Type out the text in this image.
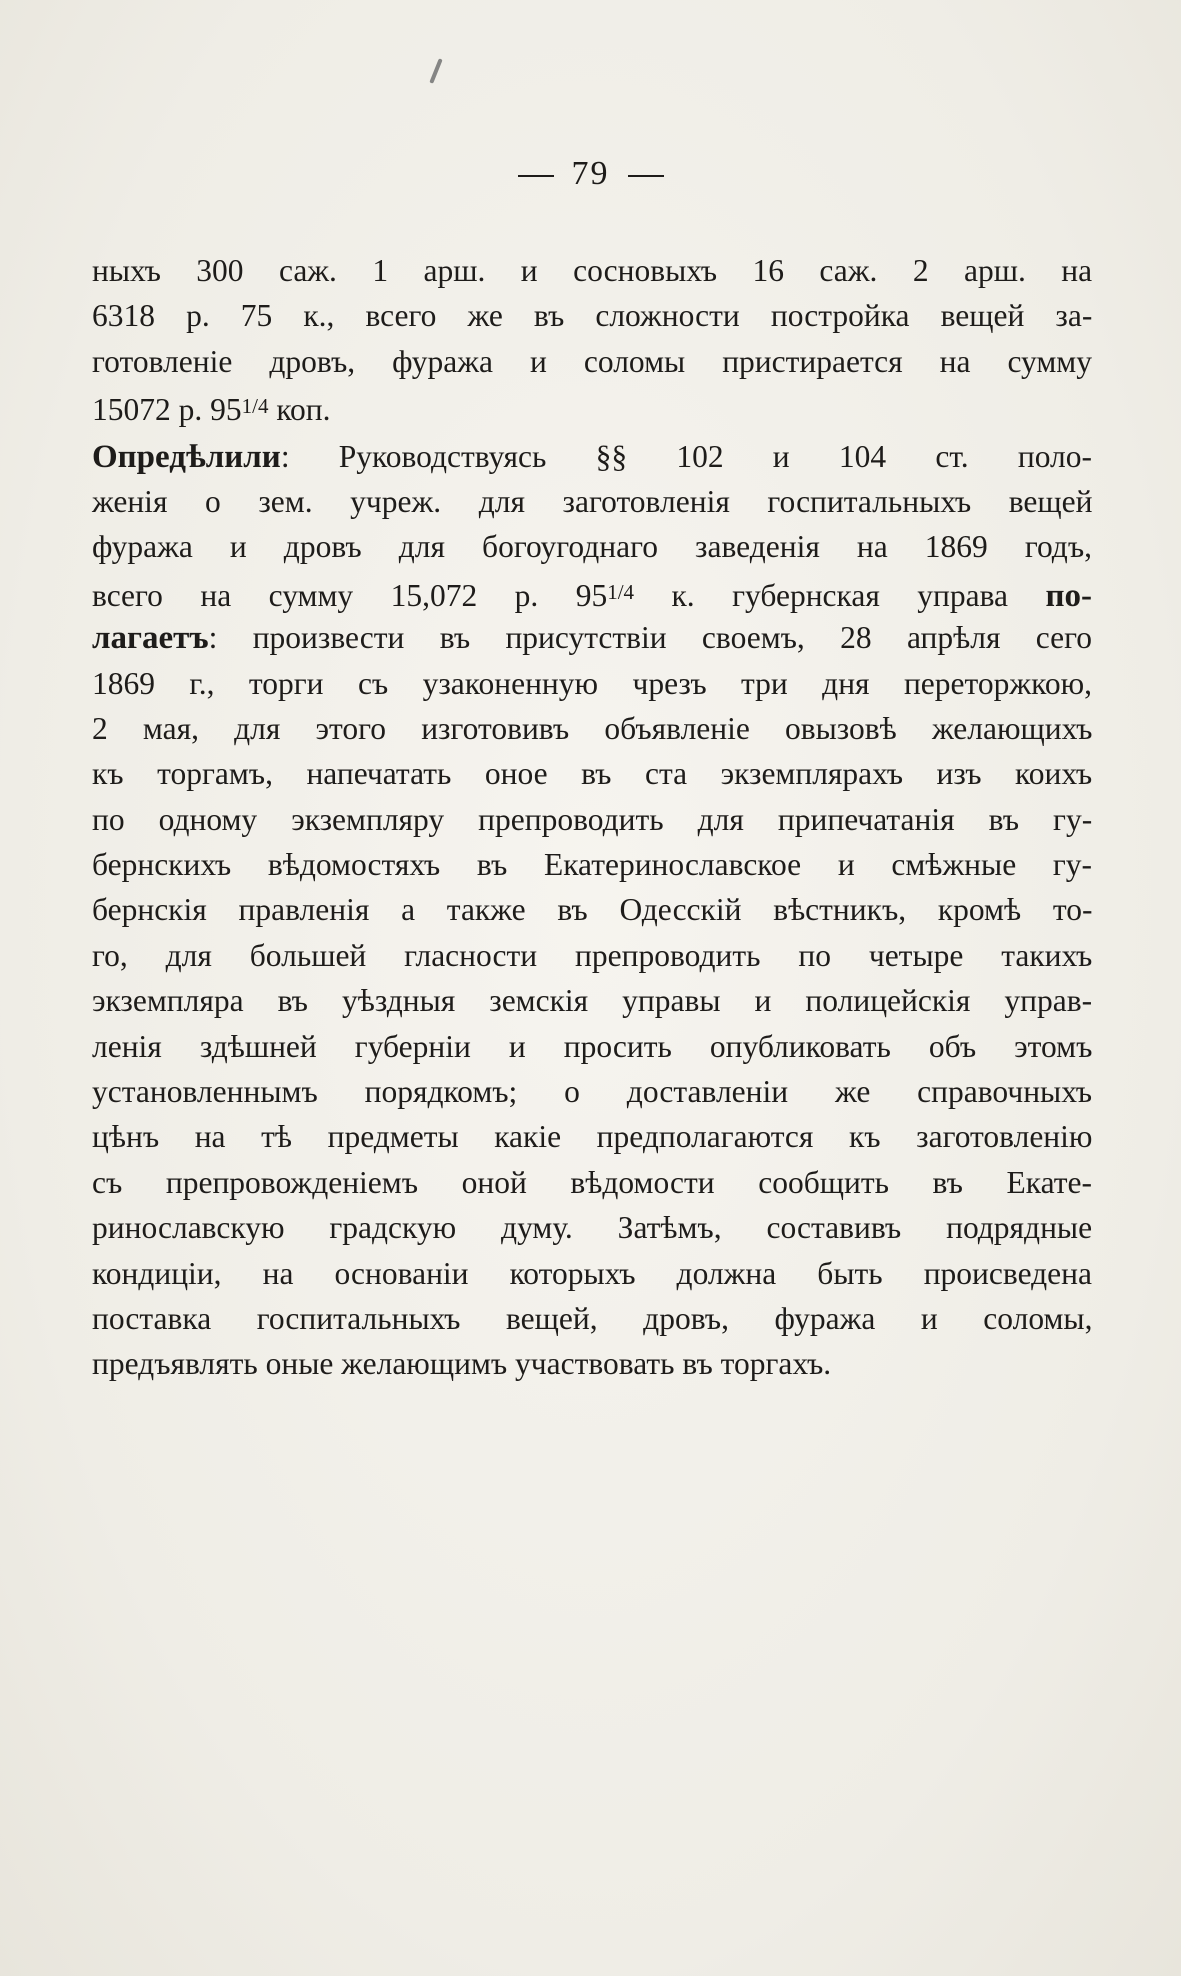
79
ныхъ 300 саж. 1 арш. и сосновыхъ 16 саж. 2 арш. на
6318 р. 75 к., всего же въ сложности постройка вещей за-
готовленіе дровъ, фуража и соломы пристирается на сумму
15072 р. $95^{1/4}$ коп.
Опредѣлили: Руководствуясь §§ 102 и 104 ст. поло-
женія о зем. учреж. для заготовленія госпитальныхъ вещей
фуража и дровъ для богоугоднаго заведенія на 1869 годъ,
всего на сумму 15,072 р. $95^{1/4}$ к. губернская управа по-
лагаетъ: произвести въ присутствіи своемъ, 28 апрѣля сего
1869 г., торги съ узаконенную чрезъ три дня переторжкою,
2 мая, для этого изготовивъ объявленіе овызовѣ желающихъ
къ торгамъ, напечатать оное въ ста экземплярахъ изъ коихъ
по одному экземпляру препроводить для припечатанія въ гу-
бернскихъ вѣдомостяхъ въ Екатеринославское и смѣжные гу-
бернскія правленія а также въ Одесскій вѣстникъ, кромѣ то-
го, для большей гласности препроводить по четыре такихъ
экземпляра въ уѣздныя земскія управы и полицейскія управ-
ленія здѣшней губерніи и просить опубликовать объ этомъ
установленнымъ порядкомъ; о доставленіи же справочныхъ
цѣнъ на тѣ предметы какіе предполагаются къ заготовленію
съ препровожденіемъ оной вѣдомости сообщить въ Екате-
ринославскую градскую думу. Затѣмъ, составивъ подрядные
кондиціи, на основаніи которыхъ должна быть происведена
поставка госпитальныхъ вещей, дровъ, фуража и соломы,
предъявлять оные желающимъ участвовать въ торгахъ.
